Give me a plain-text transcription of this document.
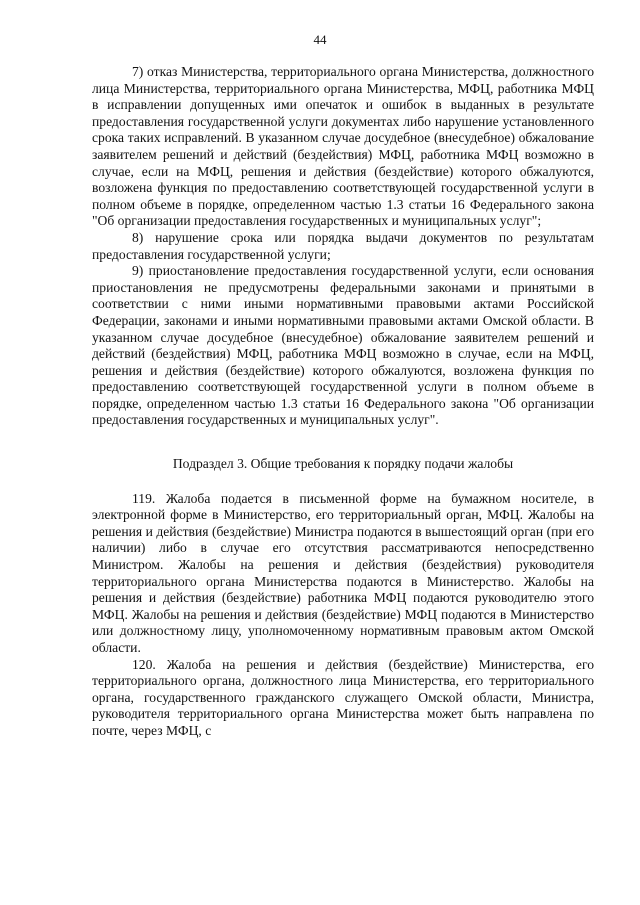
44

7) отказ Министерства, территориального органа Министерства, должностного лица Министерства, территориального органа Министерства, МФЦ, работника МФЦ в исправлении допущенных ими опечаток и ошибок в выданных в результате предоставления государственной услуги документах либо нарушение установленного срока таких исправлений. В указанном случае досудебное (внесудебное) обжалование заявителем решений и действий (бездействия) МФЦ, работника МФЦ возможно в случае, если на МФЦ, решения и действия (бездействие) которого обжалуются, возложена функция по предоставлению соответствующей государственной услуги в полном объеме в порядке, определенном частью 1.3 статьи 16 Федерального закона "Об организации предоставления государственных и муниципальных услуг";

8) нарушение срока или порядка выдачи документов по результатам предоставления государственной услуги;

9) приостановление предоставления государственной услуги, если основания приостановления не предусмотрены федеральными законами и принятыми в соответствии с ними иными нормативными правовыми актами Российской Федерации, законами и иными нормативными правовыми актами Омской области. В указанном случае досудебное (внесудебное) обжалование заявителем решений и действий (бездействия) МФЦ, работника МФЦ возможно в случае, если на МФЦ, решения и действия (бездействие) которого обжалуются, возложена функция по предоставлению соответствующей государственной услуги в полном объеме в порядке, определенном частью 1.3 статьи 16 Федерального закона "Об организации предоставления государственных и муниципальных услуг".

Подраздел 3. Общие требования к порядку подачи жалобы

119. Жалоба подается в письменной форме на бумажном носителе, в электронной форме в Министерство, его территориальный орган, МФЦ. Жалобы на решения и действия (бездействие) Министра подаются в вышестоящий орган (при его наличии) либо в случае его отсутствия рассматриваются непосредственно Министром. Жалобы на решения и действия (бездействия) руководителя территориального органа Министерства подаются в Министерство. Жалобы на решения и действия (бездействие) работника МФЦ подаются руководителю этого МФЦ. Жалобы на решения и действия (бездействие) МФЦ подаются в Министерство или должностному лицу, уполномоченному нормативным правовым актом Омской области.

120. Жалоба на решения и действия (бездействие) Министерства, его территориального органа, должностного лица Министерства, его территориального органа, государственного гражданского служащего Омской области, Министра, руководителя территориального органа Министерства может быть направлена по почте, через МФЦ, с
